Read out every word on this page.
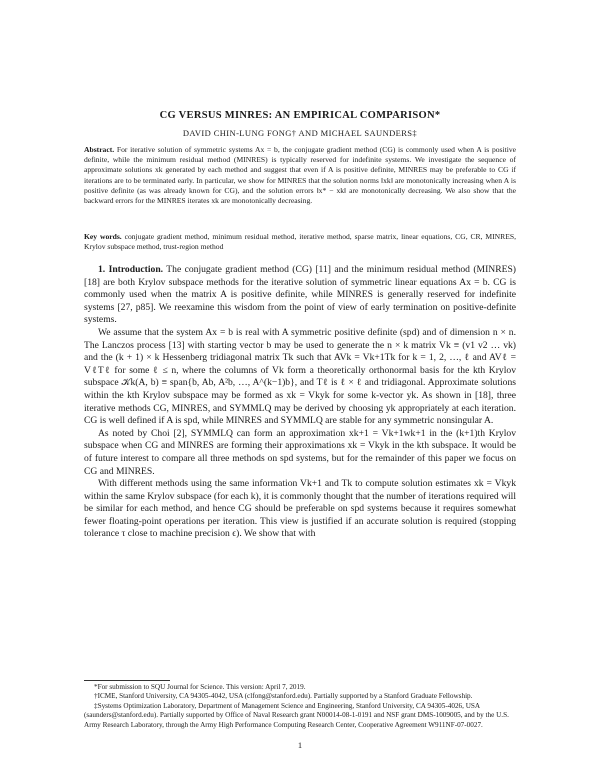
CG VERSUS MINRES: AN EMPIRICAL COMPARISON*
DAVID CHIN-LUNG FONG† AND MICHAEL SAUNDERS‡
Abstract. For iterative solution of symmetric systems Ax = b, the conjugate gradient method (CG) is commonly used when A is positive definite, while the minimum residual method (MINRES) is typically reserved for indefinite systems. We investigate the sequence of approximate solutions xk generated by each method and suggest that even if A is positive definite, MINRES may be preferable to CG if iterations are to be terminated early. In particular, we show for MINRES that the solution norms ‖xk‖ are monotonically increasing when A is positive definite (as was already known for CG), and the solution errors ‖x* − xk‖ are monotonically decreasing. We also show that the backward errors for the MINRES iterates xk are monotonically decreasing.
Key words. conjugate gradient method, minimum residual method, iterative method, sparse matrix, linear equations, CG, CR, MINRES, Krylov subspace method, trust-region method

1. Introduction. The conjugate gradient method (CG) [11] and the minimum residual method (MINRES) [18] are both Krylov subspace methods for the iterative solution of symmetric linear equations Ax = b. CG is commonly used when the matrix A is positive definite, while MINRES is generally reserved for indefinite systems [27, p85]. We reexamine this wisdom from the point of view of early termination on positive-definite systems.

We assume that the system Ax = b is real with A symmetric positive definite (spd) and of dimension n × n. The Lanczos process [13] with starting vector b may be used to generate the n × k matrix Vk ≡ (v1 v2 … vk) and the (k + 1) × k Hessenberg tridiagonal matrix Tk such that AVk = Vk+1Tk for k = 1, 2, …, ℓ and AVℓ = VℓTℓ for some ℓ ≤ n, where the columns of Vk form a theoretically orthonormal basis for the kth Krylov subspace 𝒦k(A, b) ≡ span{b, Ab, A²b, …, A^(k−1)b}, and Tℓ is ℓ × ℓ and tridiagonal. Approximate solutions within the kth Krylov subspace may be formed as xk = Vkyk for some k-vector yk. As shown in [18], three iterative methods CG, MINRES, and SYMMLQ may be derived by choosing yk appropriately at each iteration. CG is well defined if A is spd, while MINRES and SYMMLQ are stable for any symmetric nonsingular A.

As noted by Choi [2], SYMMLQ can form an approximation xk+1 = Vk+1wk+1 in the (k+1)th Krylov subspace when CG and MINRES are forming their approximations xk = Vkyk in the kth subspace. It would be of future interest to compare all three methods on spd systems, but for the remainder of this paper we focus on CG and MINRES.

With different methods using the same information Vk+1 and Tk to compute solution estimates xk = Vkyk within the same Krylov subspace (for each k), it is commonly thought that the number of iterations required will be similar for each method, and hence CG should be preferable on spd systems because it requires somewhat fewer floating-point operations per iteration. This view is justified if an accurate solution is required (stopping tolerance τ close to machine precision ϵ). We show that with

*For submission to SQU Journal for Science. This version: April 7, 2019.

†ICME, Stanford University, CA 94305-4042, USA (clfong@stanford.edu). Partially supported by a Stanford Graduate Fellowship.

‡Systems Optimization Laboratory, Department of Management Science and Engineering, Stanford University, CA 94305-4026, USA (saunders@stanford.edu). Partially supported by Office of Naval Research grant N00014-08-1-0191 and NSF grant DMS-1009005, and by the U.S. Army Research Laboratory, through the Army High Performance Computing Research Center, Cooperative Agreement W911NF-07-0027.

1
